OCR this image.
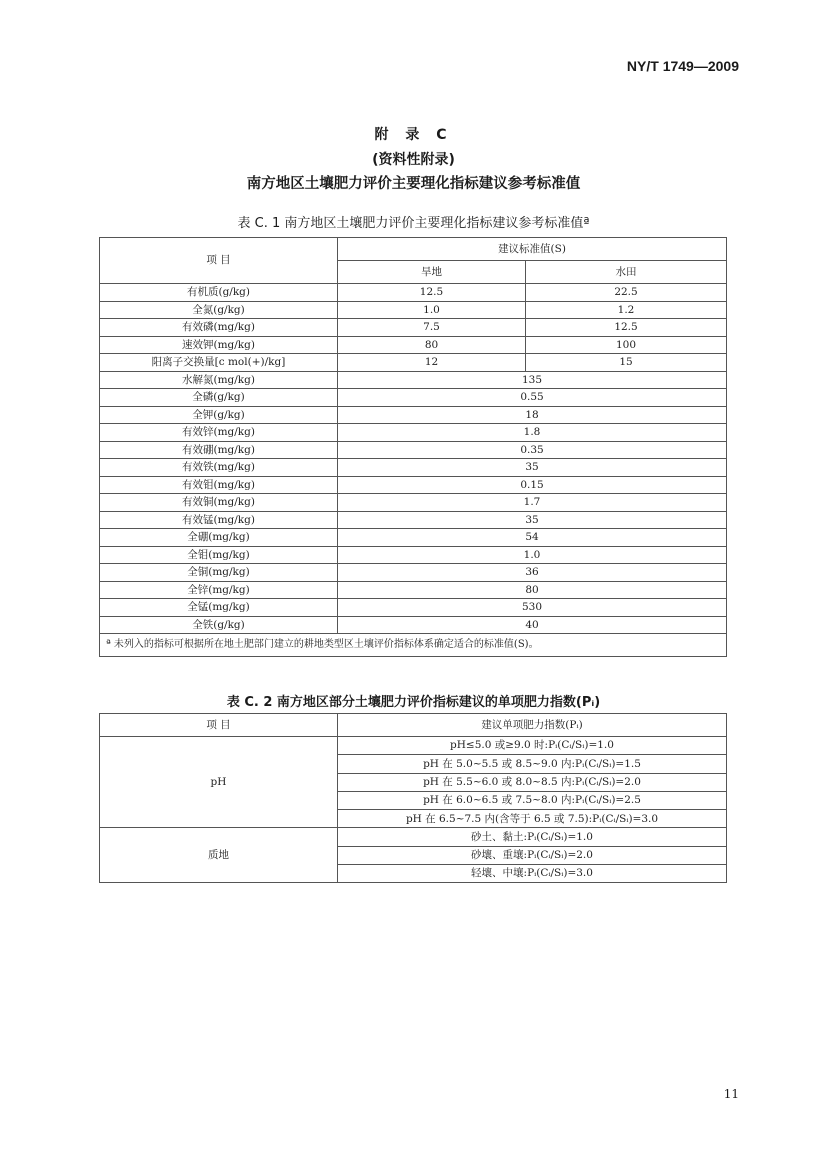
NY/T 1749—2009
附 录 C
(资料性附录)
南方地区土壤肥力评价主要理化指标建议参考标准值
表 C. 1 南方地区土壤肥力评价主要理化指标建议参考标准值ª
项 目	建议标准值(S)	
	旱地	水田
有机质(g/kg)	12.5	22.5
全氮(g/kg)	1.0	1.2
有效磷(mg/kg)	7.5	12.5
速效钾(mg/kg)	80	100
阳离子交换量[c mol(+)/kg]	12	15
水解氮(mg/kg)	135	
全磷(g/kg)	0.55	
全钾(g/kg)	18	
有效锌(mg/kg)	1.8	
有效硼(mg/kg)	0.35	
有效铁(mg/kg)	35	
有效钼(mg/kg)	0.15	
有效铜(mg/kg)	1.7	
有效锰(mg/kg)	35	
全硼(mg/kg)	54	
全钼(mg/kg)	1.0	
全铜(mg/kg)	36	
全锌(mg/kg)	80	
全锰(mg/kg)	530	
全铁(g/kg)	40	
ª 未列入的指标可根据所在地土肥部门建立的耕地类型区土壤评价指标体系确定适合的标准值(S)。		
表 C. 2 南方地区部分土壤肥力评价指标建议的单项肥力指数(Pᵢ)
项 目	建议单项肥力指数(Pᵢ)
pH	pH≤5.0 或≥9.0 时:Pᵢ(Cᵢ/Sᵢ)=1.0
	pH 在 5.0~5.5 或 8.5~9.0 内:Pᵢ(Cᵢ/Sᵢ)=1.5
	pH 在 5.5~6.0 或 8.0~8.5 内:Pᵢ(Cᵢ/Sᵢ)=2.0
	pH 在 6.0~6.5 或 7.5~8.0 内:Pᵢ(Cᵢ/Sᵢ)=2.5
	pH 在 6.5~7.5 内(含等于 6.5 或 7.5):Pᵢ(Cᵢ/Sᵢ)=3.0
质地	砂土、黏土:Pᵢ(Cᵢ/Sᵢ)=1.0
	砂壤、重壤:Pᵢ(Cᵢ/Sᵢ)=2.0
	轻壤、中壤:Pᵢ(Cᵢ/Sᵢ)=3.0
11
